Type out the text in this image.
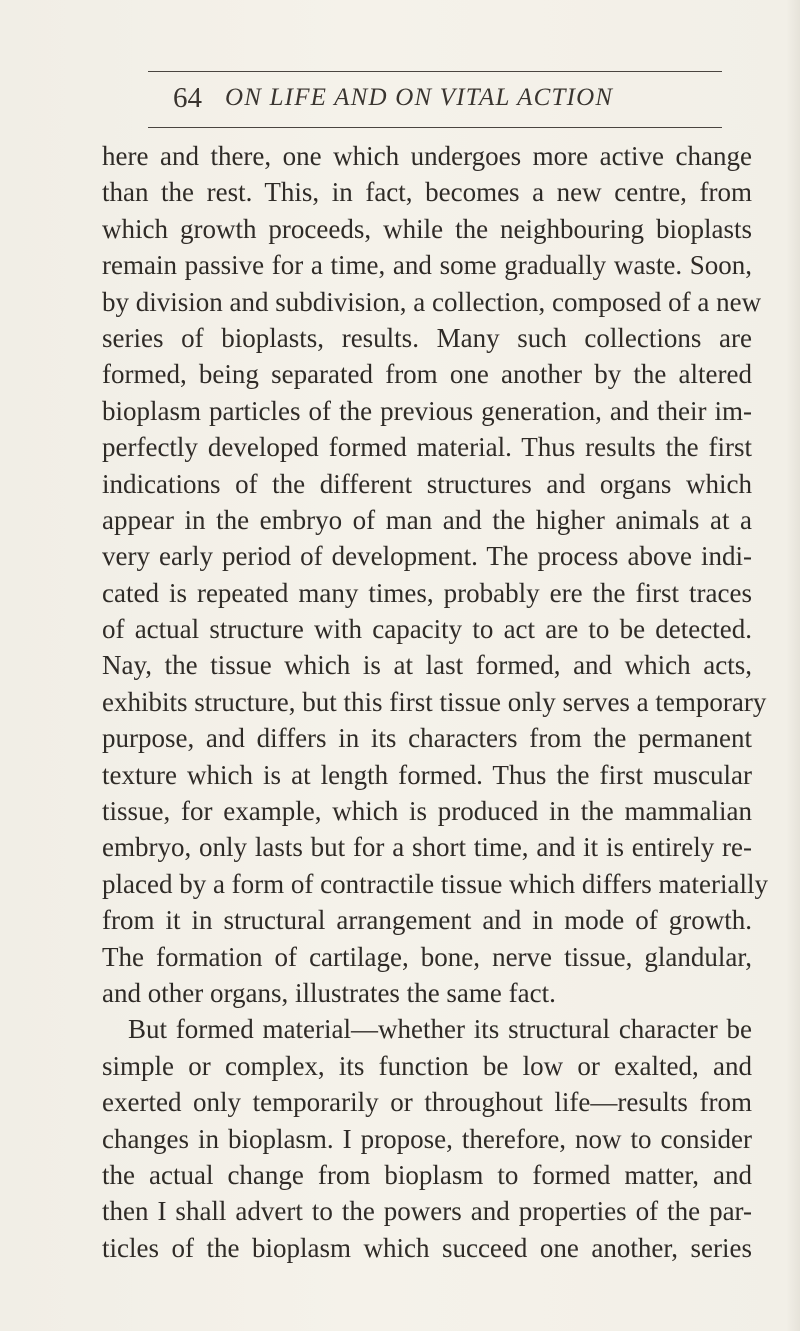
64 ON LIFE AND ON VITAL ACTION
here and there, one which undergoes more active change
than the rest. This, in fact, becomes a new centre, from
which growth proceeds, while the neighbouring bioplasts
remain passive for a time, and some gradually waste. Soon,
by division and subdivision, a collection, composed of a new
series of bioplasts, results. Many such collections are
formed, being separated from one another by the altered
bioplasm particles of the previous generation, and their im-
perfectly developed formed material. Thus results the first
indications of the different structures and organs which
appear in the embryo of man and the higher animals at a
very early period of development. The process above indi-
cated is repeated many times, probably ere the first traces
of actual structure with capacity to act are to be detected.
Nay, the tissue which is at last formed, and which acts,
exhibits structure, but this first tissue only serves a temporary
purpose, and differs in its characters from the permanent
texture which is at length formed. Thus the first muscular
tissue, for example, which is produced in the mammalian
embryo, only lasts but for a short time, and it is entirely re-
placed by a form of contractile tissue which differs materially
from it in structural arrangement and in mode of growth.
The formation of cartilage, bone, nerve tissue, glandular,
and other organs, illustrates the same fact.
But formed material—whether its structural character be
simple or complex, its function be low or exalted, and
exerted only temporarily or throughout life—results from
changes in bioplasm. I propose, therefore, now to consider
the actual change from bioplasm to formed matter, and
then I shall advert to the powers and properties of the par-
ticles of the bioplasm which succeed one another, series
